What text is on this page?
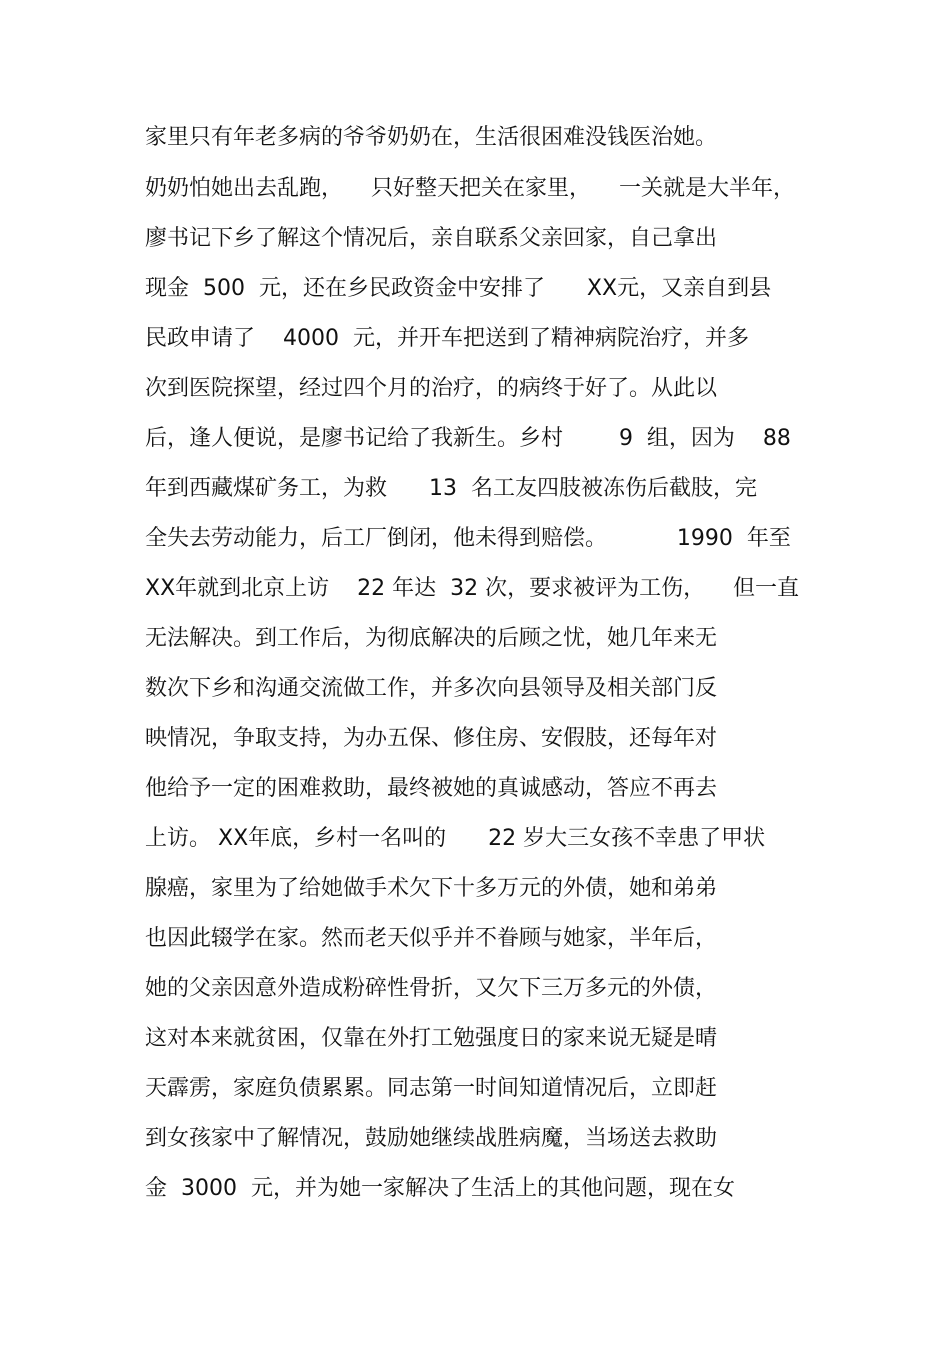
家里只有年老多病的爷爷奶奶在，生活很困难没钱医治她。
奶奶怕她出去乱跑，    只好整天把关在家里，    一关就是大半年，
廖书记下乡了解这个情况后，亲自联系父亲回家，自己拿出
现金  500  元，还在乡民政资金中安排了      XX元，又亲自到县
民政申请了    4000  元，并开车把送到了精神病院治疗，并多
次到医院探望，经过四个月的治疗，的病终于好了。从此以
后，逢人便说，是廖书记给了我新生。乡村        9  组，因为    88
年到西藏煤矿务工，为救      13  名工友四肢被冻伤后截肢，完
全失去劳动能力，后工厂倒闭，他未得到赔偿。          1990  年至
XX年就到北京上访    22 年达  32 次，要求被评为工伤，    但一直
无法解决。到工作后，为彻底解决的后顾之忧，她几年来无
数次下乡和沟通交流做工作，并多次向县领导及相关部门反
映情况，争取支持，为办五保、修住房、安假肢，还每年对
他给予一定的困难救助，最终被她的真诚感动，答应不再去
上访。 XX年底，乡村一名叫的      22 岁大三女孩不幸患了甲状
腺癌，家里为了给她做手术欠下十多万元的外债，她和弟弟
也因此辍学在家。然而老天似乎并不眷顾与她家，半年后，
她的父亲因意外造成粉碎性骨折，又欠下三万多元的外债，
这对本来就贫困，仅靠在外打工勉强度日的家来说无疑是晴
天霹雳，家庭负债累累。同志第一时间知道情况后，立即赶
到女孩家中了解情况，鼓励她继续战胜病魔，当场送去救助
金  3000  元，并为她一家解决了生活上的其他问题，现在女
